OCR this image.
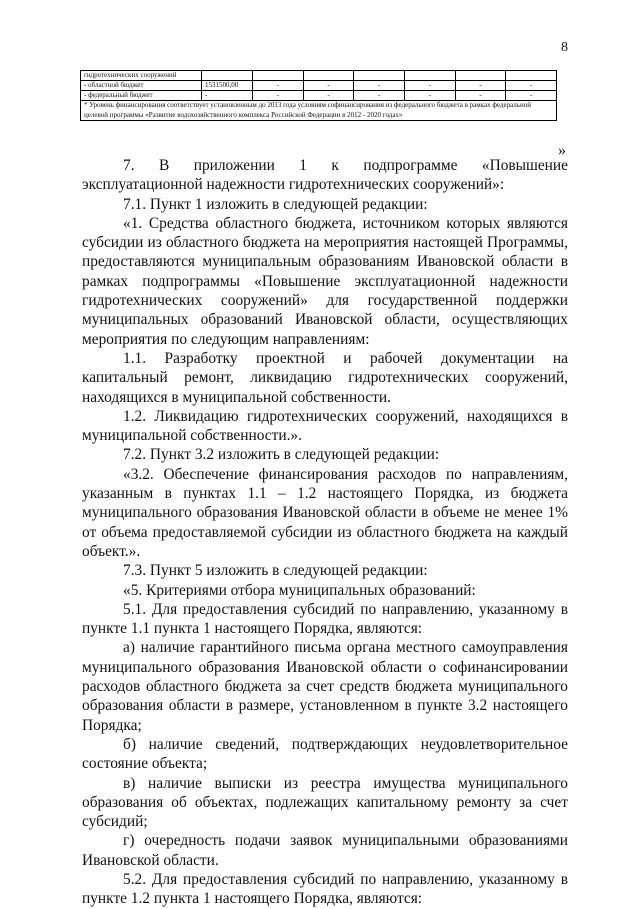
8
гидротехнических сооружений							
- областной бюджет	1531500,00	-	-	-	-	-	-
- федеральный бюджет	-	-	-	-	-	-	-
* Уровень финансирования соответствует установленным до 2013 года условиям софинансирования из федерального бюджета в рамках федеральной целевой программы «Развитие водохозяйственного комплекса Российской Федерации в 2012 - 2020 годах»							
»

7. В приложении 1 к подпрограмме «Повышение эксплуатационной надежности гидротехнических сооружений»:

7.1. Пункт 1 изложить в следующей редакции:

«1. Средства областного бюджета, источником которых являются субсидии из областного бюджета на мероприятия настоящей Программы, предоставляются муниципальным образованиям Ивановской области в рамках подпрограммы «Повышение эксплуатационной надежности гидротехнических сооружений» для государственной поддержки муниципальных образований Ивановской области, осуществляющих мероприятия по следующим направлениям:

1.1. Разработку проектной и рабочей документации на капитальный ремонт, ликвидацию гидротехнических сооружений, находящихся в муниципальной собственности.

1.2. Ликвидацию гидротехнических сооружений, находящихся в муниципальной собственности.».

7.2. Пункт 3.2 изложить в следующей редакции:

«3.2. Обеспечение финансирования расходов по направлениям, указанным в пунктах 1.1 – 1.2 настоящего Порядка, из бюджета муниципального образования Ивановской области в объеме не менее 1% от объема предоставляемой субсидии из областного бюджета на каждый объект.».

7.3. Пункт 5 изложить в следующей редакции:

«5. Критериями отбора муниципальных образований:

5.1. Для предоставления субсидий по направлению, указанному в пункте 1.1 пункта 1 настоящего Порядка, являются:

а) наличие гарантийного письма органа местного самоуправления муниципального образования Ивановской области о софинансировании расходов областного бюджета за счет средств бюджета муниципального образования области в размере, установленном в пункте 3.2 настоящего Порядка;

б) наличие сведений, подтверждающих неудовлетворительное состояние объекта;

в) наличие выписки из реестра имущества муниципального образования об объектах, подлежащих капитальному ремонту за счет субсидий;

г) очередность подачи заявок муниципальными образованиями Ивановской области.

5.2. Для предоставления субсидий по направлению, указанному в пункте 1.2 пункта 1 настоящего Порядка, являются:
